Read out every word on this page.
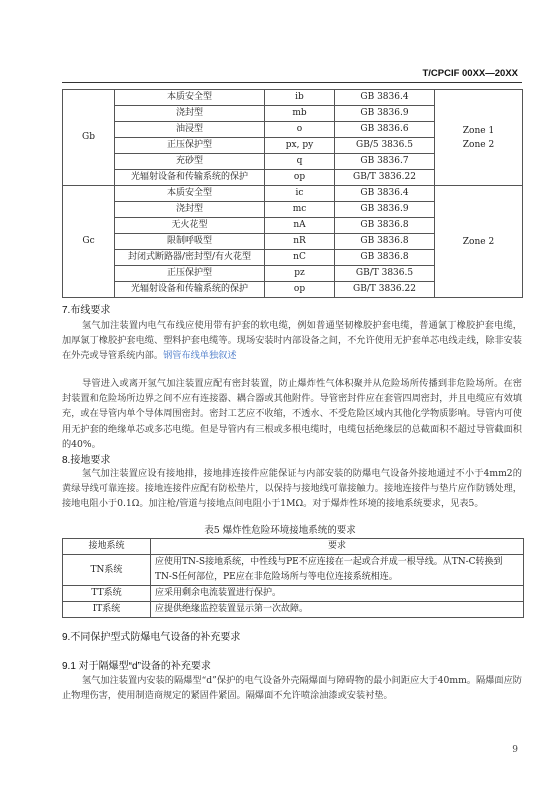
T/CPCIF 00XX—20XX
Gb	本质安全型	ib	GB 3836.4	Zone 1
Zone 2

	浇封型	mb	GB 3836.9	
	油浸型	o	GB 3836.6	
	正压保护型	px, py	GB/5 3836.5	
	充砂型	q	GB 3836.7	
	光辐射设备和传输系统的保护	op	GB/T 3836.22	
Gc	本质安全型	ic	GB 3836.4	Zone 2

	浇封型	mc	GB 3836.9	
	无火花型	nA	GB 3836.8	
	限制呼吸型	nR	GB 3836.8	
	封闭式断路器/密封型/有火花型	nC	GB 3836.8	
	正压保护型	pz	GB/T 3836.5	
	光辐射设备和传输系统的保护	op	GB/T 3836.22	
7.布线要求
氢气加注装置内电气布线应使用带有护套的软电缆，例如普通坚韧橡胶护套电缆，普通氯丁橡胶护套电缆，加厚氯丁橡胶护套电缆、塑料护套电缆等。现场安装时内部设备之间，不允许使用无护套单芯电线走线，除非安装在外壳或导管系统内部。钢管布线单独叙述
导管进入或离开氢气加注装置应配有密封装置，防止爆炸性气体积聚并从危险场所传播到非危险场所。在密封装置和危险场所边界之间不应有连接器、耦合器或其他附件。导管密封件应在套管四周密封，并且电缆应有效填充，或在导管内单个导体周围密封。密封工艺应不收缩，不透水、不受危险区域内其他化学物质影响。导管内可使用无护套的绝缘单芯或多芯电缆。但是导管内有三根或多根电缆时，电缆包括绝缘层的总截面积不超过导管截面积的40%。
8.接地要求
氢气加注装置应设有接地排，接地排连接件应能保证与内部安装的防爆电气设备外接地通过不小于4mm2的黄绿导线可靠连接。接地连接件应配有防松垫片，以保持与接地线可靠接触力。接地连接件与垫片应作防锈处理，接地电阻小于0.1Ω。加注枪/管道与接地点间电阻小于1MΩ。对于爆炸性环境的接地系统要求，见表5。
表5 爆炸性危险环境接地系统的要求
接地系统	要求
TN系统	应使用TN-S接地系统，中性线与PE不应连接在一起或合并成一根导线。从TN-C转换到TN-S任何部位，PE应在非危险场所与等电位连接系统相连。
TT系统	应采用剩余电流装置进行保护。
IT系统	应提供绝缘监控装置显示第一次故障。
9.不同保护型式防爆电气设备的补充要求
9.1 对于隔爆型“d”设备的补充要求
氢气加注装置内安装的隔爆型“d”保护的电气设备外壳隔爆面与障碍物的最小间距应大于40mm。隔爆面应防止物理伤害，使用制造商规定的紧固件紧固。隔爆面不允许喷涂油漆或安装衬垫。
9
